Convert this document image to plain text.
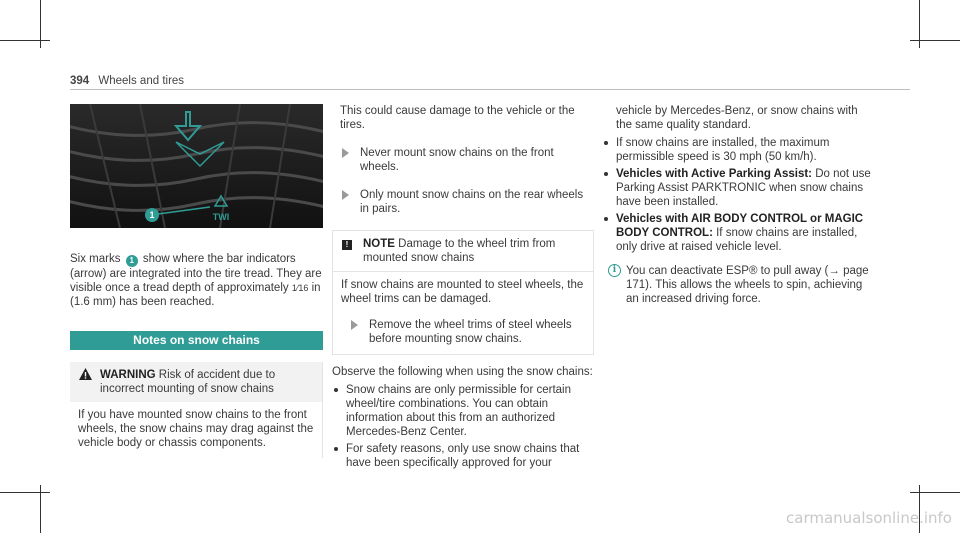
394 Wheels and tires
1	TWI

Six marks 1 show where the bar indicators (arrow) are integrated into the tire tread. They are visible once a tread depth of approximately 1⁄16 in (1.6 mm) has been reached.

Notes on snow chains
WARNING Risk of accident due to incorrect mounting of snow chains
If you have mounted snow chains to the front wheels, the snow chains may drag against the vehicle body or chassis components.

This could cause damage to the vehicle or the tires.

Never mount snow chains on the front wheels.
Only mount snow chains on the rear wheels in pairs.
!	NOTE Damage to the wheel trim from mounted snow chains

If snow chains are mounted to steel wheels, the wheel trims can be damaged.

Remove the wheel trims of steel wheels before mounting snow chains.

Observe the following when using the snow chains:

Snow chains are only permissible for certain wheel/tire combinations. You can obtain information about this from an authorized Mercedes-Benz Center.
For safety reasons, only use snow chains that have been specifically approved for your

vehicle by Mercedes-Benz, or snow chains with the same quality standard.

If snow chains are installed, the maximum permissible speed is 30 mph (50 km/h).
Vehicles with Active Parking Assist: Do not use Parking Assist PARKTRONIC when snow chains have been installed.
Vehicles with AIR BODY CONTROL or MAGIC BODY CONTROL: If snow chains are installed, only drive at raised vehicle level.
i You can deactivate ESP® to pull away (→ page 171). This allows the wheels to spin, achieving an increased driving force.
carmanualsonline.info
